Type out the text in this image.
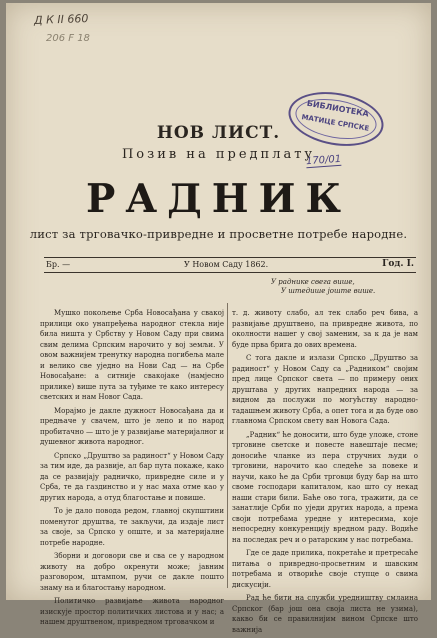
Д К II 660
206 F 18
БИБЛИОТЕКА
МАТИЦЕ СРПСКЕ
170/01
НОВ ЛИСТ.
Позив на предплату
РАДНИК
лист за трговачко-привредне и просветне потребе народне.
Бр. —	У Новом Саду 1862.	Год. I.
У раднике свега више,
У штедише јоште више.

Мушко покољење Срба Новосађана у свакој прилици око унапређења народног стекла није била ништа у Србству у Новом Саду при свима свим делима Српским нарочито у вој земљи. У овом важнијем тренутку народна погибеља мале и велико све уједно на Нови Сад — на Србе Новосађане: а ситније свакојаке (намјесно прилике) више пута за туђиме те како интересу светских и нам Новог Сада.

Морајмо је дакле дужност Новосађана да и предњаче у свачем, што је лепо и по народ пробитачно — што је у развијање материјалног и душевног живота народног.

Српско „Друштво за радиност“ у Новом Саду за тим иде, да развије, ал бар пута покаже, како да се развијају радничко, привредне силе и у Срба, те да газдинство и у нас маха отме као у других народа, а отуд благостање и повише.

То је дало повода редом, главноj скупштини поменутог друштва, те закључи, да издаје лист за своје, за Српско у опште, и за материјалне потребе народне.

Зборни и договори све и сва се у народном животу на добро окренути може; јавним разговором, штампом, ручи се дакле пошто знаму на и благостању народном.

Политичко развијање живота народног изискује простор политичких листова и у нас; а нашем друштвеном, привредном трговачком и

т. д. животу слабо, ал тек слабо реч бива, а развијање друштвено, па привредне живота, по околности нашег у свој заменим, за к да је нам буде прва брига до ових времена.

С тога дакле и излази Српско „Друштво за радиност“ у Новом Саду са „Радником“ својим пред лице Српског света — по примеру оних друштава у других напредних народа — за видном да послужи по могућству народно-тадашњем животу Срба, а опет тога и да буде ово главнома Српском свету ван Новога Сада.

„Радник“ ће доносити, што буде уложе, стоне трговине светске и повесте навештаје песме; доносиће чланке из пера стручних људи о трговини, нарочито као следеће за повеке и научи, како ће да Срби трговци буду бар на што своме господари капиталом, као што су некад наши стари били. Баће ово тога, тражити, да се занатлије Срби по уједи других народа, а према своји потребама уредне у интересима, које непосредну конкуренцију вредном раду. Водиће на последак реч и о ратарским у нас потребама.

Где се даде прилика, покретаће и претресаће питања о привредно-просветним и шавским потребама и отвориће своје ступце о свима дискусији.

Рад ће бити на служби уредништву смлаина Српског (бар још она своја листа не узима), какво би се правилнијим вином Српске што важнија
